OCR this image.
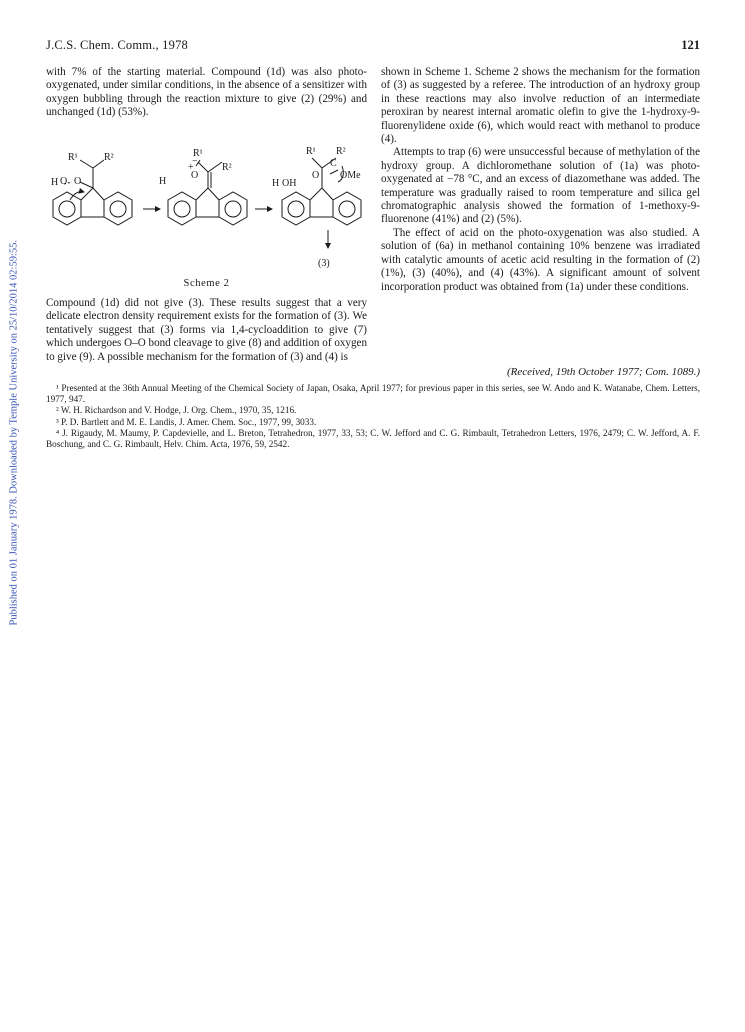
J.C.S. Chem. Comm., 1978	121
Published on 01 January 1978. Downloaded by Temple University on 25/10/2014 02:59:55.

with 7% of the starting material. Compound (1d) was also photo-oxygenated, under similar conditions, in the absence of a sensitizer with oxygen bubbling through the reaction mixture to give (2) (29%) and unchanged (1d) (53%).

R¹	R²
H O O
R¹
R²
+
O
−
H
R¹ R²
H OH
O
C
OMe
(3)
Scheme 2

Compound (1d) did not give (3). These results suggest that a very delicate electron density requirement exists for the formation of (3). We tentatively suggest that (3) forms via 1,4-cycloaddition to give (7) which undergoes O–O bond cleavage to give (8) and addition of oxygen to give (9). A possible mechanism for the formation of (3) and (4) is

shown in Scheme 1. Scheme 2 shows the mechanism for the formation of (3) as suggested by a referee. The introduction of an hydroxy group in these reactions may also involve reduction of an intermediate peroxiran by nearest internal aromatic olefin to give the 1-hydroxy-9-fluorenylidene oxide (6), which would react with methanol to produce (4).

Attempts to trap (6) were unsuccessful because of methylation of the hydroxy group. A dichloromethane solution of (1a) was photo-oxygenated at −78 °C, and an excess of diazomethane was added. The temperature was gradually raised to room temperature and silica gel chromatographic analysis showed the formation of 1-methoxy-9-fluorenone (41%) and (2) (5%).

The effect of acid on the photo-oxygenation was also studied. A solution of (6a) in methanol containing 10% benzene was irradiated with catalytic amounts of acetic acid resulting in the formation of (2) (1%), (3) (40%), and (4) (43%). A significant amount of solvent incorporation product was obtained from (1a) under these conditions.

(Received, 19th October 1977; Com. 1089.)

¹ Presented at the 36th Annual Meeting of the Chemical Society of Japan, Osaka, April 1977; for previous paper in this series, see W. Ando and K. Watanabe, Chem. Letters, 1977, 947.

² W. H. Richardson and V. Hodge, J. Org. Chem., 1970, 35, 1216.

³ P. D. Bartlett and M. E. Landis, J. Amer. Chem. Soc., 1977, 99, 3033.

⁴ J. Rigaudy, M. Maumy, P. Capdevielle, and L. Breton, Tetrahedron, 1977, 33, 53; C. W. Jefford and C. G. Rimbault, Tetrahedron Letters, 1976, 2479; C. W. Jefford, A. F. Boschung, and C. G. Rimbault, Helv. Chim. Acta, 1976, 59, 2542.
